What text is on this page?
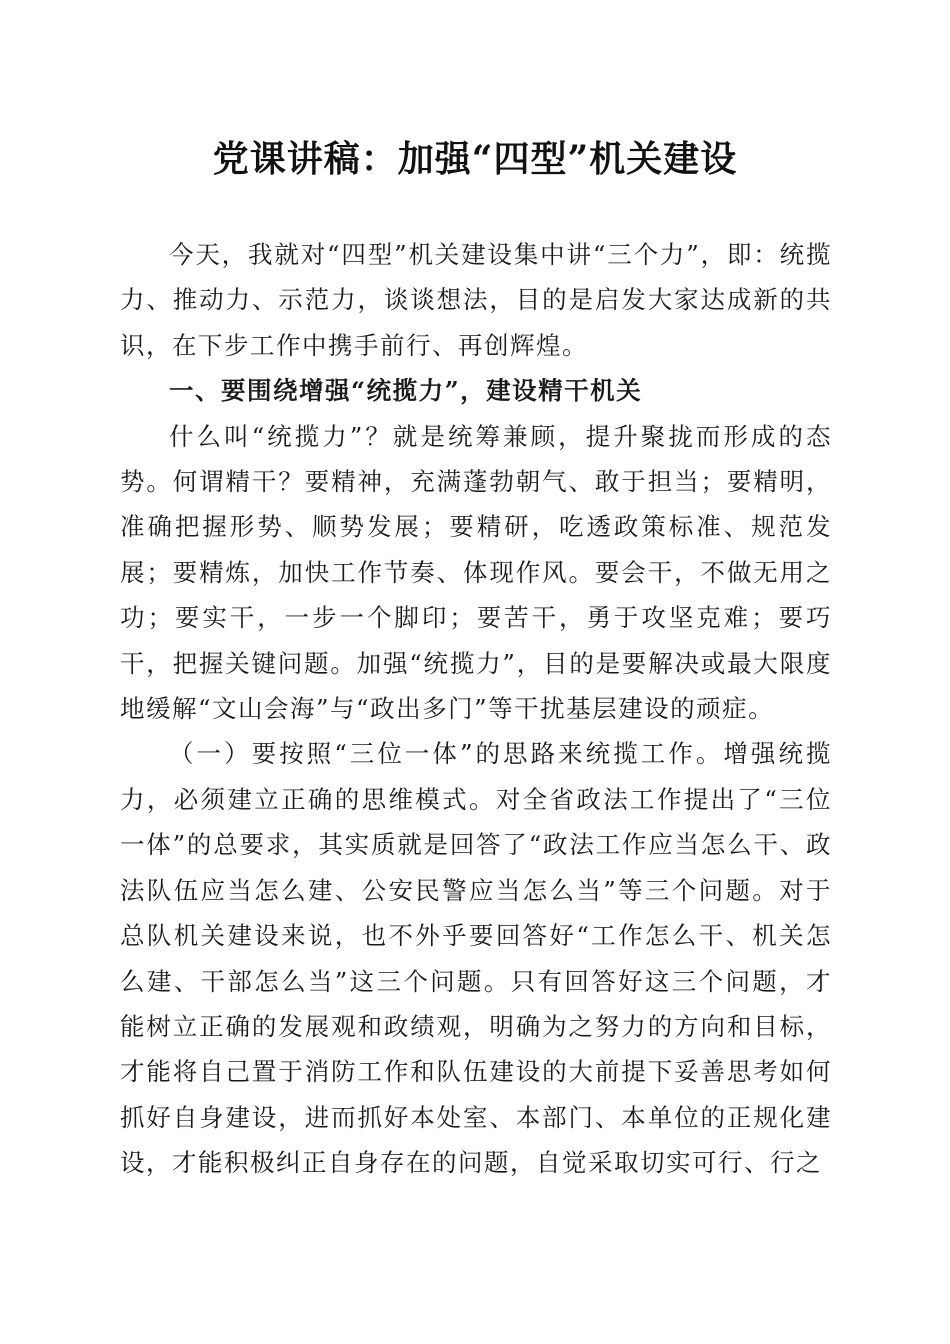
党课讲稿：加强“四型”机关建设

今天，我就对“四型”机关建设集中讲“三个力”，即：统揽力、推动力、示范力，谈谈想法，目的是启发大家达成新的共识，在下步工作中携手前行、再创辉煌。

一、要围绕增强“统揽力”，建设精干机关

什么叫“统揽力”？就是统筹兼顾，提升聚拢而形成的态势。何谓精干？要精神，充满蓬勃朝气、敢于担当；要精明，准确把握形势、顺势发展；要精研，吃透政策标准、规范发展；要精炼，加快工作节奏、体现作风。要会干，不做无用之功；要实干，一步一个脚印；要苦干，勇于攻坚克难；要巧干，把握关键问题。加强“统揽力”，目的是要解决或最大限度地缓解“文山会海”与“政出多门”等干扰基层建设的顽症。

（一）要按照“三位一体”的思路来统揽工作。增强统揽力，必须建立正确的思维模式。对全省政法工作提出了“三位一体”的总要求，其实质就是回答了“政法工作应当怎么干、政法队伍应当怎么建、公安民警应当怎么当”等三个问题。对于总队机关建设来说，也不外乎要回答好“工作怎么干、机关怎么建、干部怎么当”这三个问题。只有回答好这三个问题，才能树立正确的发展观和政绩观，明确为之努力的方向和目标，才能将自己置于消防工作和队伍建设的大前提下妥善思考如何抓好自身建设，进而抓好本处室、本部门、本单位的正规化建设，才能积极纠正自身存在的问题，自觉采取切实可行、行之
